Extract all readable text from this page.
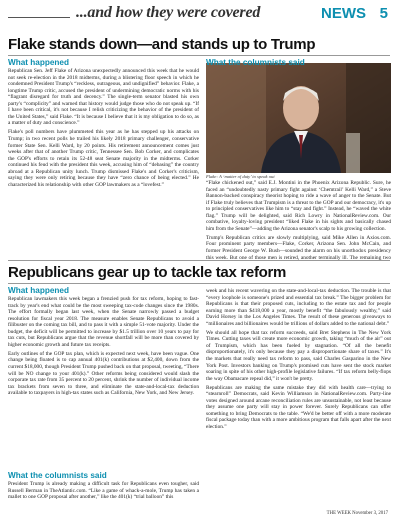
...and how they were covered	NEWS 5
Flake stands down—and stands up to Trump
What happened

Republican Sen. Jeff Flake of Arizona unexpectedly announced this week that he would not seek re-election in the 2018 midterms, during a blistering floor speech in which he condemned President Trump's “reckless, outrageous, and undignified” behavior. Flake, a longtime Trump critic, accused the president of undermining democratic norms with his “flagrant disregard for truth and decency.” The single-term senator blasted his own party's “complicity” and warned that history would judge those who do not speak up. “If I have been critical, it's not because I relish criticizing the behavior of the president of the United States,” said Flake. “It is because I believe that it is my obligation to do so, as a matter of duty and conscience.”

Flake's poll numbers have plummeted this year as he has stepped up his attacks on Trump; in two recent polls he trailed his likely 2018 primary challenger, conservative former State Sen. Kelli Ward, by 20 points. His retirement announcement comes just weeks after that of another Trump critic, Tennessee Sen. Bob Corker, and complicates the GOP's efforts to retain its 52-48 seat Senate majority in the midterms. Corker continued his feud with the president this week, accusing him of “debasing” the country abroad at a Republican unity lunch. Trump dismissed Flake's and Corker's criticism, saying they were only retiring because they have “zero chance of being elected.” He characterized his relationship with other GOP lawmakers as a “lovefest.”

Flake: A ‘matter of duty’ to speak out
What the columnists said

“Flake chickened out,” said E.J. Montini in the Phoenix Arizona Republic. Sure, he faced an “undoubtedly nasty primary fight against ‘Chemtrail’ Kelli Ward,” a Steve Bannon-backed conspiracy theorist hoping to ride a wave of anger to the Senate. But if Flake truly believes that Trumpism is a threat to the GOP and our democracy, it's up to principled conservatives like him to “stay and fight.” Instead, he “waved the white flag.” Trump will be delighted, said Rich Lowry in NationalReview.com. Our combative, loyalty-loving president “liked Flake in his sights and basically chased him from the Senate”—adding the Arizona senator's scalp to his growing collection.

Trump's Republican critics are slowly multiplying, said Mike Allen in Axios.com. Four prominent party members—Flake, Corker, Arizona Sen. John McCain, and former President George W. Bush—sounded the alarm on his unorthodox presidency this week. But one of those men is retired, another terminally ill. The remaining two

Republicans gear up to tackle tax reform
What happened

Republican lawmakers this week began a frenzied push for tax reform, hoping to fast-track by year's end what could be the most sweeping tax-code changes since the 1980s. The effort formally began last week, when the Senate narrowly passed a budget resolution for fiscal year 2018. The measure enables Senate Republicans to avoid a filibuster on the coming tax bill, and to pass it with a simple 51-vote majority. Under the budget, the deficit will be permitted to increase by $1.5 trillion over 10 years to pay for tax cuts, but Republicans argue that the revenue shortfall will be more than covered by higher economic growth and future tax receipts.

Early outlines of the GOP tax plan, which is expected next week, have been vague. One change being floated is to cap annual 401(k) contributions at $2,400, down from the current $18,000, though President Trump pushed back on that proposal, tweeting, “There will be NO change to your 401(k).” Other reforms being considered would slash the corporate tax rate from 35 percent to 20 percent, shrink the number of individual income tax brackets from seven to three, and eliminate the state-and-local-tax deduction available to taxpayers in high-tax states such as California, New York, and New Jersey.

What the columnists said

President Trump is already making a difficult task for Republicans even tougher, said Russell Berman in TheAtlantic.com. “Like a game of whack-a-mole, Trump has taken a mallet to one GOP proposal after another,” like the 401(k) “trial balloon” this

week and his recent wavering on the state-and-local-tax deduction. The trouble is that “every loophole is someone's prized and essential tax break.” The bigger problem for Republicans is that their proposed cuts, including to the estate tax and for people earning more than $418,000 a year, mostly benefit “the fabulously wealthy,” said David Horsey in the Los Angeles Times. The result of these generous giveaways to “millionaires and billionaires would be trillions of dollars added to the national debt.”

We should all hope that tax reform succeeds, said Bret Stephens in The New York Times. Cutting taxes will create more economic growth, taking “much of the air” out of Trumpism, which has been fueled by stagnation. “Of all the benefit disproportionately, it's only because they pay a disproportionate share of taxes.” It's the markets that really need tax reform to pass, said Charles Gasparino in the New York Post. Investors banking on Trump's promised cuts have sent the stock market soaring in spite of his other high-profile legislative failures. “If tax reform belly-flops the way Obamacare repeal did,” it won't be pretty.

Republicans are making the same mistake they did with health care—trying to “stearnroll” Democrats, said Kevin Williamson in NationalReview.com. Party-line votes designed around arcane reconciliation rules are unsustainable, not least because they assume one party will stay in power forever. Surely Republicans can offer something to bring Democrats to the table. “We'd be better off with a more moderate fiscal package today than with a more ambitious program that falls apart after the next election.”

THE WEEK November 3, 2017
